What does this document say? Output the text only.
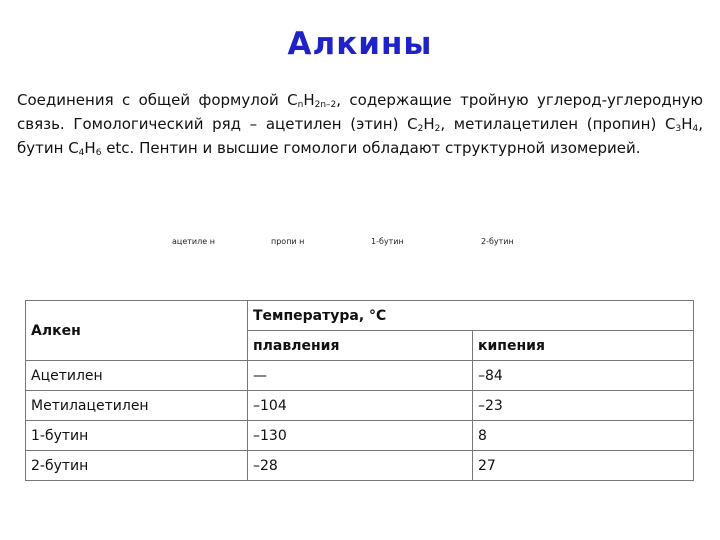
Алкины
Соединения с общей формулой $C_nH_{2n-2}$, содержащие тройную углерод-углеродную связь. Гомологический ряд – ацетилен (этин) $C_2H_2$, метилацетилен (пропин) $C_3H_4$, бутин $C_4H_6$ etc. Пентин и высшие гомологи обладают структурной изомерией.
ацетиле н	пропи н	1-бутин	2-бутин
Алкен	Температура, °C	
	плавления	кипения
Ацетилен	—	–84
Метилацетилен	–104	–23
1-бутин	–130	8
2-бутин	–28	27
